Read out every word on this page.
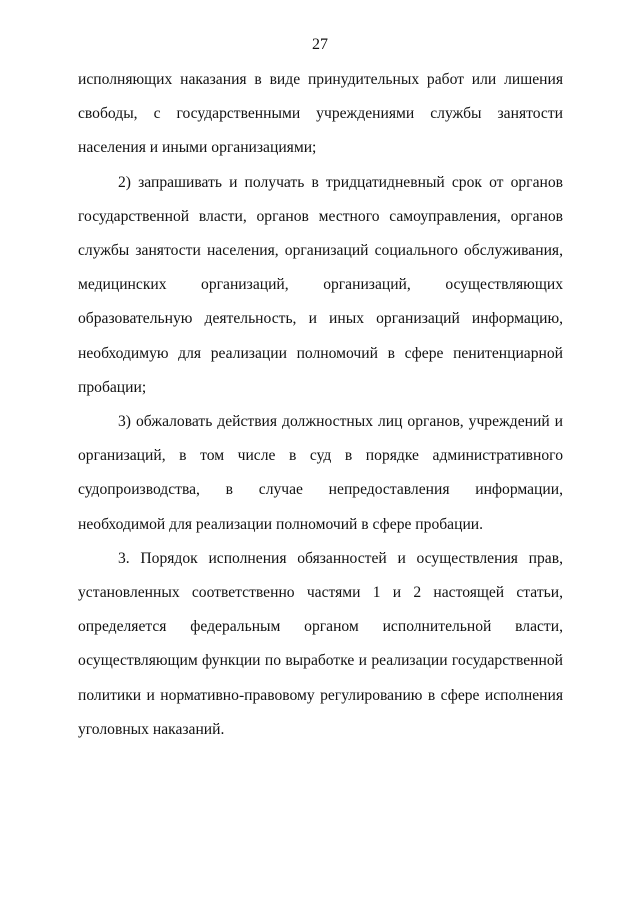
27

исполняющих наказания в виде принудительных работ или лишения свободы, с государственными учреждениями службы занятости населения и иными организациями;

2) запрашивать и получать в тридцатидневный срок от органов государственной власти, органов местного самоуправления, органов службы занятости населения, организаций социального обслуживания, медицинских организаций, организаций, осуществляющих образовательную деятельность, и иных организаций информацию, необходимую для реализации полномочий в сфере пенитенциарной пробации;

3) обжаловать действия должностных лиц органов, учреждений и организаций, в том числе в суд в порядке административного судопроизводства, в случае непредоставления информации, необходимой для реализации полномочий в сфере пробации.

3. Порядок исполнения обязанностей и осуществления прав, установленных соответственно частями 1 и 2 настоящей статьи, определяется федеральным органом исполнительной власти, осуществляющим функции по выработке и реализации государственной политики и нормативно-правовому регулированию в сфере исполнения уголовных наказаний.
